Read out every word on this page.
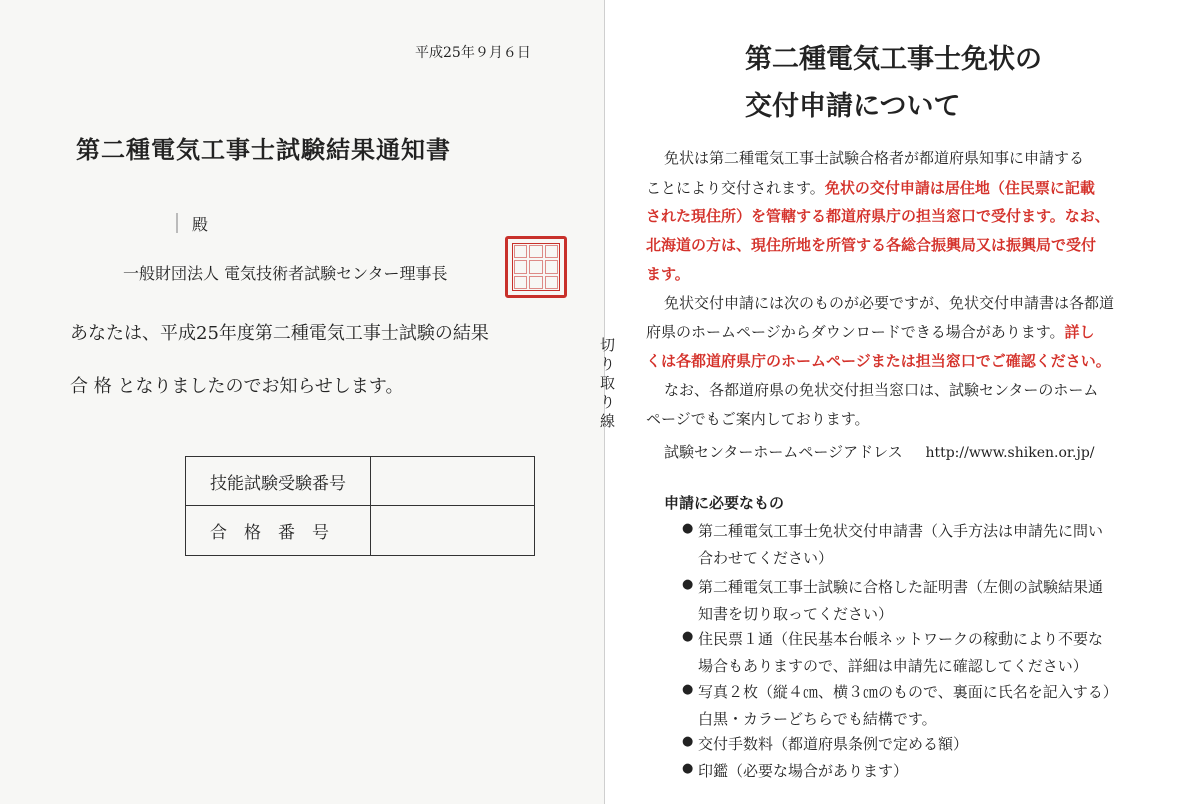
平成25年９月６日
第二種電気工事士試験結果通知書
殿
一般財団法人 電気技術者試験センター理事長
あなたは、平成25年度第二種電気工事士試験の結果
合 格 となりましたのでお知らせします。
技能試験受験番号
合格番号
切
り
取
り
線
第二種電気工事士免状の
交付申請について
免状は第二種電気工事士試験合格者が都道府県知事に申請する
ことにより交付されます。免状の交付申請は居住地（住民票に記載
された現住所）を管轄する都道府県庁の担当窓口で受付ます。なお、
北海道の方は、現住所地を所管する各総合振興局又は振興局で受付
ます。
免状交付申請には次のものが必要ですが、免状交付申請書は各都道
府県のホームページからダウンロードできる場合があります。詳し
くは各都道府県庁のホームページまたは担当窓口でご確認ください。
なお、各都道府県の免状交付担当窓口は、試験センターのホーム
ページでもご案内しております。
試験センターホームページアドレス http://www.shiken.or.jp/
申請に必要なもの
● 第二種電気工事士免状交付申請書（入手方法は申請先に問い
合わせてください）
● 第二種電気工事士試験に合格した証明書（左側の試験結果通
知書を切り取ってください）
● 住民票１通（住民基本台帳ネットワークの稼動により不要な
場合もありますので、詳細は申請先に確認してください）
● 写真２枚（縦４㎝、横３㎝のもので、裏面に氏名を記入する）
白黒・カラーどちらでも結構です。
● 交付手数料（都道府県条例で定める額）
● 印鑑（必要な場合があります）
